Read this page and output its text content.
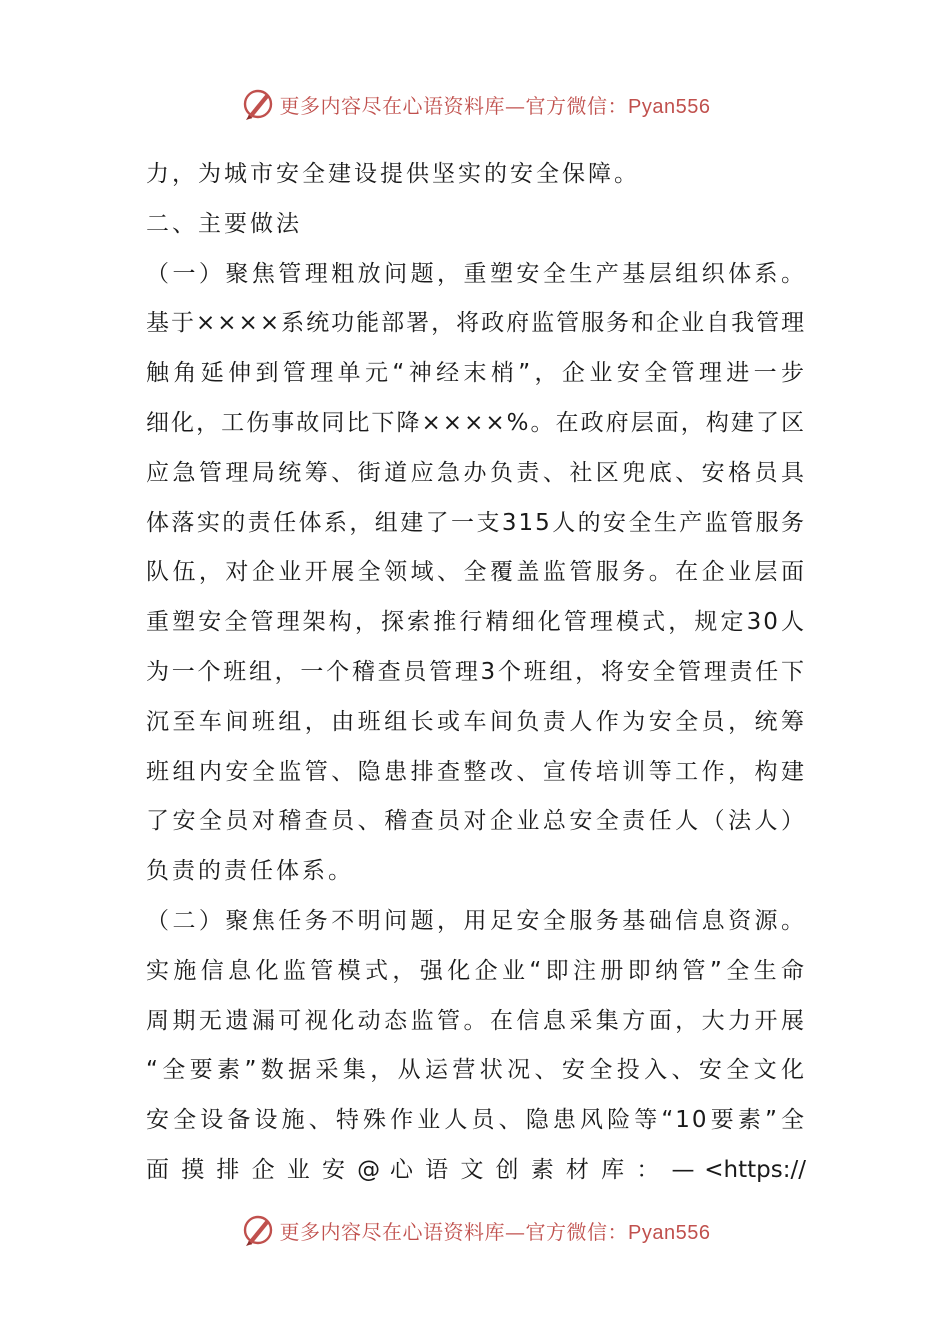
更多内容尽在心语资料库—官方微信：Pyan556
力，为城市安全建设提供坚实的安全保障。
二、主要做法
（一）聚焦管理粗放问题，重塑安全生产基层组织体系。
基于××××系统功能部署，将政府监管服务和企业自我管理
触角延伸到管理单元“神经末梢”，企业安全管理进一步
细化，工伤事故同比下降××××%。在政府层面，构建了区
应急管理局统筹、街道应急办负责、社区兜底、安格员具
体落实的责任体系，组建了一支315人的安全生产监管服务
队伍，对企业开展全领域、全覆盖监管服务。在企业层面
重塑安全管理架构，探索推行精细化管理模式，规定30人
为一个班组，一个稽查员管理3个班组，将安全管理责任下
沉至车间班组，由班组长或车间负责人作为安全员，统筹
班组内安全监管、隐患排查整改、宣传培训等工作，构建
了安全员对稽查员、稽查员对企业总安全责任人（法人）
负责的责任体系。
（二）聚焦任务不明问题，用足安全服务基础信息资源。
实施信息化监管模式，强化企业“即注册即纳管”全生命
周期无遗漏可视化动态监管。在信息采集方面，大力开展
“全要素”数据采集，从运营状况、安全投入、安全文化
安全设备设施、特殊作业人员、隐患风险等“10要素”全
面 摸 排 企 业 安 @ 心 语 文 创 素 材 库 ： — <https://
更多内容尽在心语资料库—官方微信：Pyan556
